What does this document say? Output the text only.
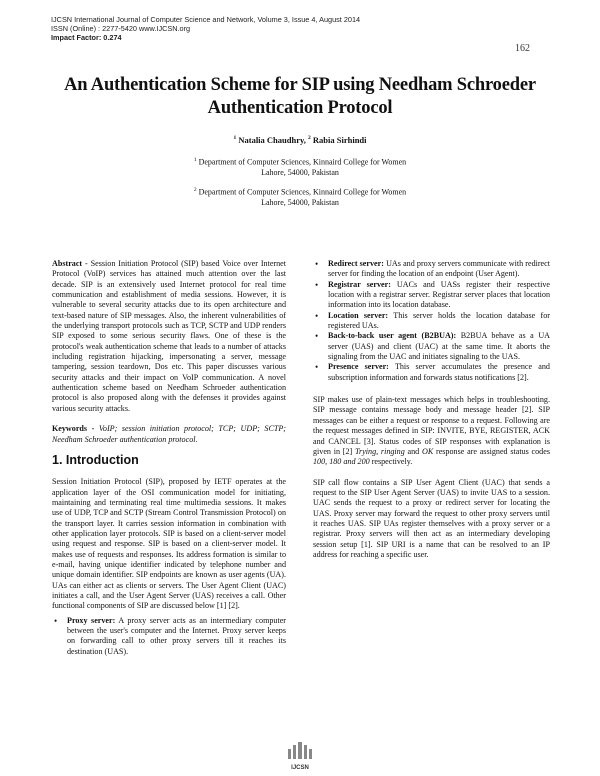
IJCSN International Journal of Computer Science and Network, Volume 3, Issue 4, August 2014
ISSN (Online) : 2277-5420 www.IJCSN.org
Impact Factor: 0.274
162
An Authentication Scheme for SIP using Needham Schroeder Authentication Protocol
$^1$ Natalia Chaudhry, $^2$ Rabia Sirhindi
$^1$ Department of Computer Sciences, Kinnaird College for Women
Lahore, 54000, Pakistan
$^2$ Department of Computer Sciences, Kinnaird College for Women
Lahore, 54000, Pakistan

Abstract - Session Initiation Protocol (SIP) based Voice over Internet Protocol (VoIP) services has attained much attention over the last decade. SIP is an extensively used Internet protocol for real time communication and establishment of media sessions. However, it is vulnerable to several security attacks due to its open architecture and text-based nature of SIP messages. Also, the inherent vulnerabilities of the underlying transport protocols such as TCP, SCTP and UDP renders SIP exposed to some serious security flaws. One of these is the protocol's weak authentication scheme that leads to a number of attacks including registration hijacking, impersonating a server, message tampering, session teardown, Dos etc. This paper discusses various security attacks and their impact on VoIP communication. A novel authentication scheme based on Needham Schroeder authentication protocol is also proposed along with the defenses it provides against various security attacks.

Keywords - VoIP; session initiation protocol; TCP; UDP; SCTP; Needham Schroeder authentication protocol.

1. Introduction

Session Initiation Protocol (SIP), proposed by IETF operates at the application layer of the OSI communication model for initiating, maintaining and terminating real time multimedia sessions. It makes use of UDP, TCP and SCTP (Stream Control Transmission Protocol) on the transport layer. It carries session information in combination with other application layer protocols. SIP is based on a client-server model using request and response. SIP is based on a client-server model. It makes use of requests and responses. Its address formation is similar to e-mail, having unique identifier indicated by telephone number and unique domain identifier. SIP endpoints are known as user agents (UA). UAs can either act as clients or servers. The User Agent Client (UAC) initiates a call, and the User Agent Server (UAS) receives a call. Other functional components of SIP are discussed below [1] [2].

• Proxy server: A proxy server acts as an intermediary computer between the user's computer and the Internet. Proxy server keeps on forwarding call to other proxy servers till it reaches its destination (UAS).
• Redirect server: UAs and proxy servers communicate with redirect server for finding the location of an endpoint (User Agent).
• Registrar server: UACs and UASs register their respective location with a registrar server. Registrar server places that location information into its location database.
• Location server: This server holds the location database for registered UAs.
• Back-to-back user agent (B2BUA): B2BUA behave as a UA server (UAS) and client (UAC) at the same time. It aborts the signaling from the UAC and initiates signaling to the UAS.
• Presence server: This server accumulates the presence and subscription information and forwards status notifications [2].

SIP makes use of plain-text messages which helps in troubleshooting. SIP message contains message body and message header [2]. SIP messages can be either a request or response to a request. Following are the request messages defined in SIP: INVITE, BYE, REGISTER, ACK and CANCEL [3]. Status codes of SIP responses with explanation is given in [2] Trying, ringing and OK response are assigned status codes 100, 180 and 200 respectively.

SIP call flow contains a SIP User Agent Client (UAC) that sends a request to the SIP User Agent Server (UAS) to invite UAS to a session. UAC sends the request to a proxy or redirect server for locating the UAS. Proxy server may forward the request to other proxy servers until it reaches UAS. SIP UAs register themselves with a proxy server or a registrar. Proxy servers will then act as an intermediary developing session setup [1]. SIP URI is a name that can be resolved to an IP address for reaching a specific user.

IJCSN
